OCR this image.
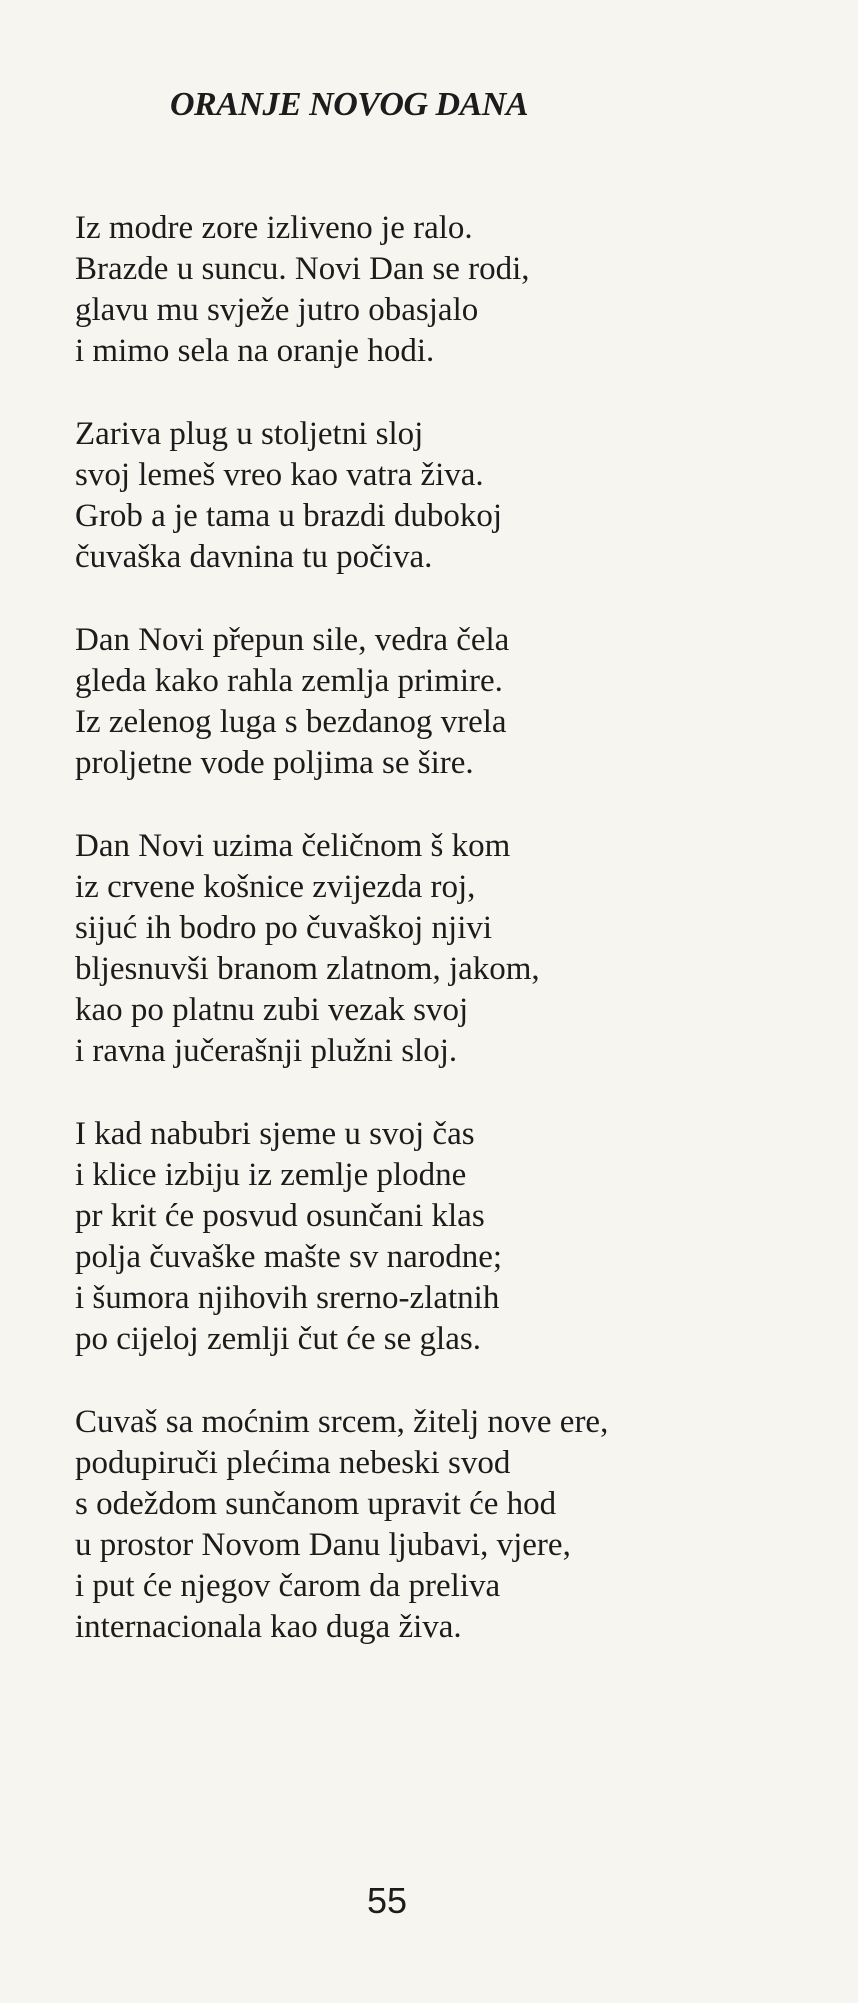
ORANJE NOVOG DANA
Iz modre zore izliveno je ralo.
Brazde u suncu. Novi Dan se rodi,
glavu mu svježe jutro obasjalo
i mimo sela na oranje hodi.
Zariva plug u stoljetni sloj
svoj lemeš vreo kao vatra živa.
Grob a je tama u brazdi dubokoj
čuvaška davnina tu počiva.
Dan Novi přepun sile, vedra čela
gleda kako rahla zemlja primire.
Iz zelenog luga s bezdanog vrela
proljetne vode poljima se šire.
Dan Novi uzima čeličnom š kom
iz crvene košnice zvijezda roj,
sijuć ih bodro po čuvaškoj njivi
bljesnuvši branom zlatnom, jakom,
kao po platnu zubi vezak svoj
i ravna jučerašnji plužni sloj.
I kad nabubri sjeme u svoj čas
i klice izbiju iz zemlje plodne
pr krit će posvud osunčani klas
polja čuvaške mašte sv narodne;
i šumora njihovih srerno-zlatnih
po cijeloj zemlji čut će se glas.
Cuvaš sa moćnim srcem, žitelj nove ere,
podupiruči plećima nebeski svod
s odeždom sunčanom upravit će hod
u prostor Novom Danu ljubavi, vjere,
i put će njegov čarom da preliva
internacionala kao duga živa.
55
